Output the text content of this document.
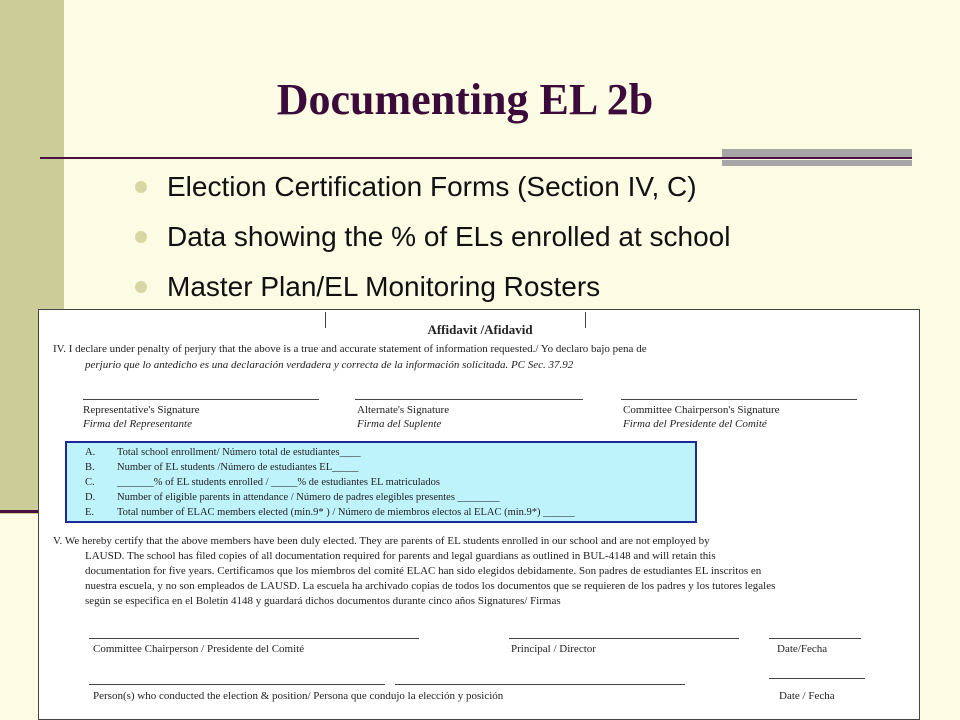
Documenting EL 2b
Election Certification Forms (Section IV, C)
Data showing the % of ELs enrolled at school
Master Plan/EL Monitoring Rosters
Affidavit /Afidavid
IV. I declare under penalty of perjury that the above is a true and accurate statement of information requested./ Yo declaro bajo pena de
perjurio que lo antedicho es una declaración verdadera y correcta de la información solicitada. PC Sec. 37.92
Representative's Signature
Firma del Representante
Alternate's Signature
Firma del Suplente
Committee Chairperson's Signature
Firma del Presidente del Comité
A. Total school enrollment/ Número total de estudiantes____
B. Number of EL students /Número de estudiantes EL_____
C. _______% of EL students enrolled / _____% de estudiantes EL matriculados
D. Number of eligible parents in attendance / Número de padres elegibles presentes ________
E. Total number of ELAC members elected (min.9* ) / Número de miembros electos al ELAC (min.9*) ______
V. We hereby certify that the above members have been duly elected. They are parents of EL students enrolled in our school and are not employed by
LAUSD. The school has filed copies of all documentation required for parents and legal guardians as outlined in BUL-4148 and will retain this
documentation for five years. Certificamos que los miembros del comité ELAC han sido elegidos debidamente. Son padres de estudiantes EL inscritos en
nuestra escuela, y no son empleados de LAUSD. La escuela ha archivado copias de todos los documentos que se requieren de los padres y los tutores legales
según se especifica en el Boletín 4148 y guardará dichos documentos durante cinco años Signatures/ Firmas
Committee Chairperson / Presidente del Comité	Principal / Director	Date/Fecha
Person(s) who conducted the election & position/ Persona que condujo la elección y posición	Date / Fecha
